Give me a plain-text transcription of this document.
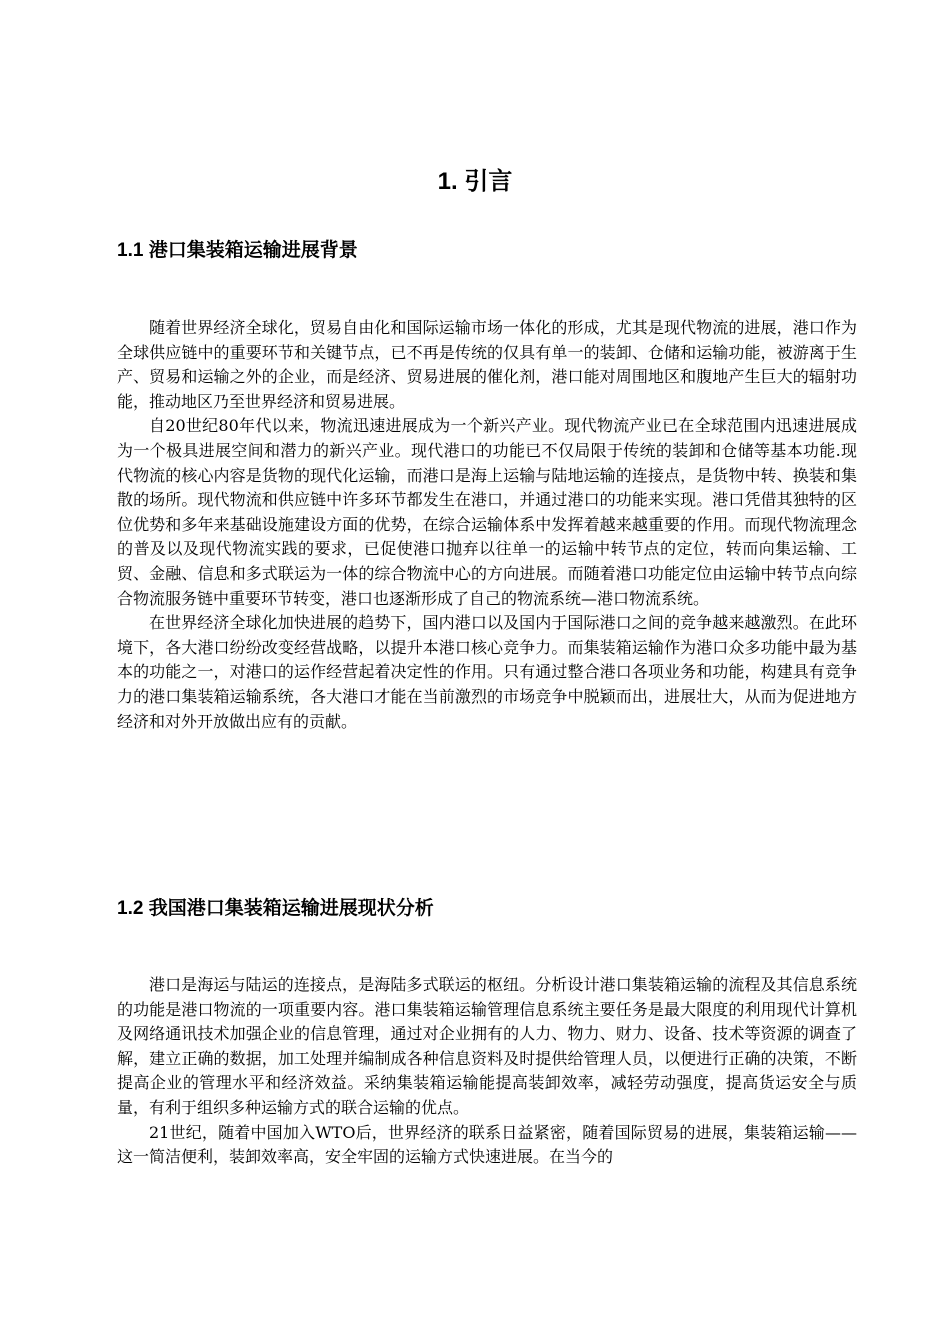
1. 引言
1.1 港口集装箱运输进展背景

随着世界经济全球化，贸易自由化和国际运输市场一体化的形成，尤其是现代物流的进展，港口作为全球供应链中的重要环节和关键节点，已不再是传统的仅具有单一的装卸、仓储和运输功能，被游离于生产、贸易和运输之外的企业，而是经济、贸易进展的催化剂，港口能对周围地区和腹地产生巨大的辐射功能，推动地区乃至世界经济和贸易进展。

自20世纪80年代以来，物流迅速进展成为一个新兴产业。现代物流产业已在全球范围内迅速进展成为一个极具进展空间和潜力的新兴产业。现代港口的功能已不仅局限于传统的装卸和仓储等基本功能.现代物流的核心内容是货物的现代化运输，而港口是海上运输与陆地运输的连接点，是货物中转、换装和集散的场所。现代物流和供应链中许多环节都发生在港口，并通过港口的功能来实现。港口凭借其独特的区位优势和多年来基础设施建设方面的优势，在综合运输体系中发挥着越来越重要的作用。而现代物流理念的普及以及现代物流实践的要求，已促使港口抛弃以往单一的运输中转节点的定位，转而向集运输、工贸、金融、信息和多式联运为一体的综合物流中心的方向进展。而随着港口功能定位由运输中转节点向综合物流服务链中重要环节转变，港口也逐渐形成了自己的物流系统—港口物流系统。

在世界经济全球化加快进展的趋势下，国内港口以及国内于国际港口之间的竞争越来越激烈。在此环境下，各大港口纷纷改变经营战略，以提升本港口核心竞争力。而集装箱运输作为港口众多功能中最为基本的功能之一，对港口的运作经营起着决定性的作用。只有通过整合港口各项业务和功能，构建具有竞争力的港口集装箱运输系统，各大港口才能在当前激烈的市场竞争中脱颖而出，进展壮大，从而为促进地方经济和对外开放做出应有的贡献。

1.2 我国港口集装箱运输进展现状分析

港口是海运与陆运的连接点，是海陆多式联运的枢纽。分析设计港口集装箱运输的流程及其信息系统的功能是港口物流的一项重要内容。港口集装箱运输管理信息系统主要任务是最大限度的利用现代计算机及网络通讯技术加强企业的信息管理，通过对企业拥有的人力、物力、财力、设备、技术等资源的调查了解，建立正确的数据，加工处理并编制成各种信息资料及时提供给管理人员，以便进行正确的决策，不断提高企业的管理水平和经济效益。采纳集装箱运输能提高装卸效率，减轻劳动强度，提高货运安全与质量，有利于组织多种运输方式的联合运输的优点。

21世纪，随着中国加入WTO后，世界经济的联系日益紧密，随着国际贸易的进展，集装箱运输——这一简洁便利，装卸效率高，安全牢固的运输方式快速进展。在当今的
